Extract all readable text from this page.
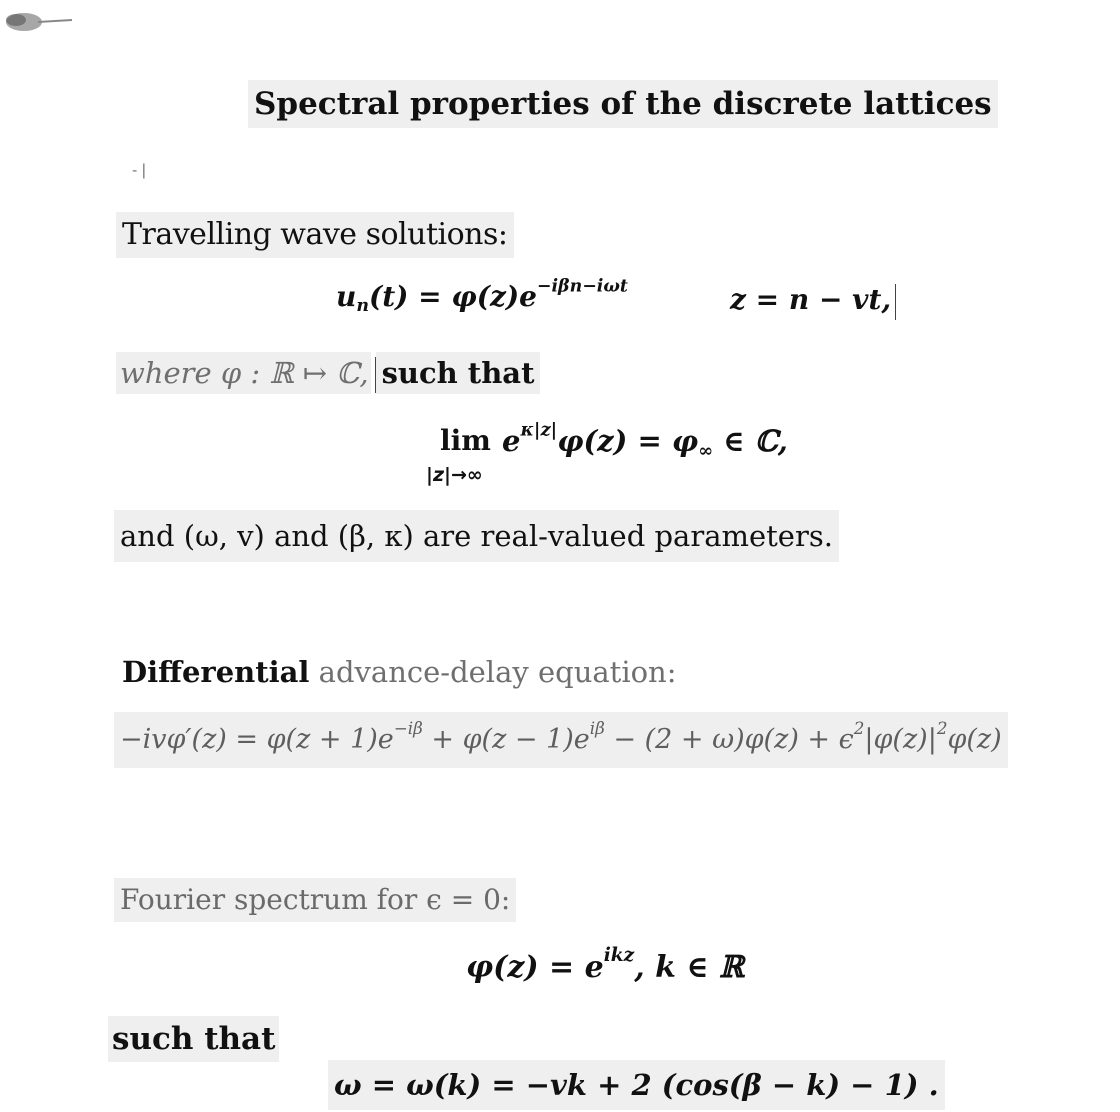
Spectral properties of the discrete lattices
- |
Travelling wave solutions:
$u_n(t) = \varphi(z)e^{-i\beta n-i\omega t}$	z = n − vt,
where φ : ℝ ↦ ℂ, such that
lim
|z|→∞
$e^{\kappa|z|}\varphi(z) = \varphi_\infty$ ∈ ℂ,
and (ω, v) and (β, κ) are real-valued parameters.
Differential advance-delay equation:
$-iv\varphi'(z) = \varphi(z + 1)e^{-i\beta} + \varphi(z - 1)e^{i\beta} - (2 + \omega)\varphi(z) + \epsilon^2|\varphi(z)|^2\varphi(z)$
Fourier spectrum for ϵ = 0:
$\varphi(z) = e^{ikz}$, k ∈ ℝ
such that
ω = ω(k) = −vk + 2 (cos(β − k) − 1) .
